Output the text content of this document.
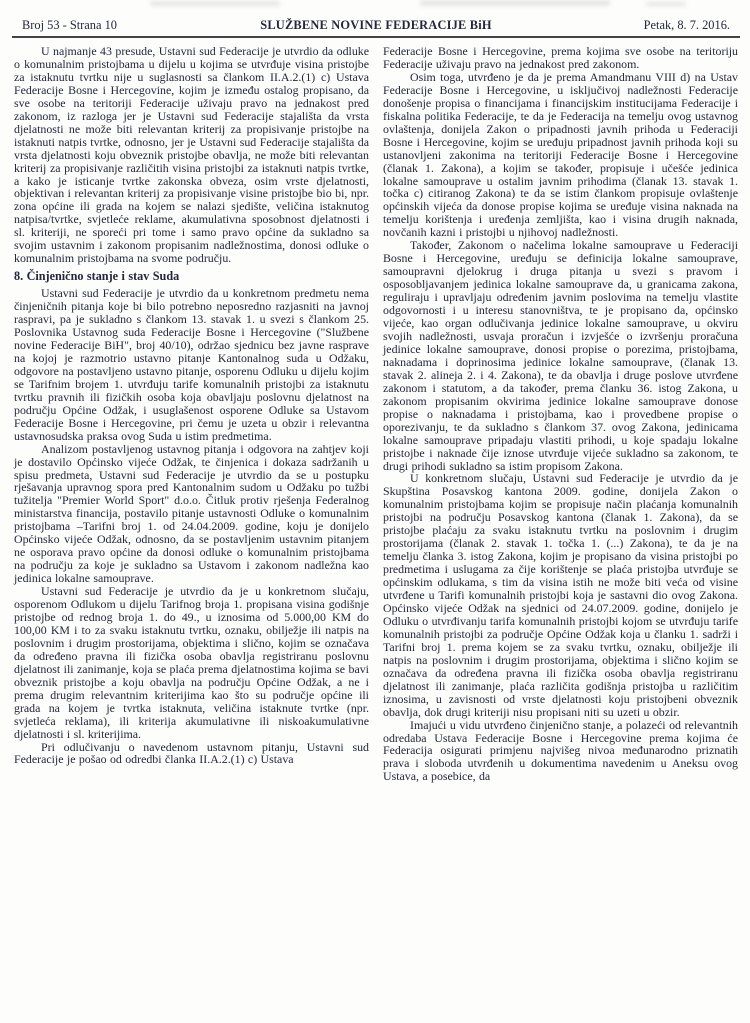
Broj 53 - Strana 10	SLUŽBENE NOVINE FEDERACIJE BiH	Petak, 8. 7. 2016.

U najmanje 43 presude, Ustavni sud Federacije je utvrdio da odluke o komunalnim pristojbama u dijelu u kojima se utvrđuje visina pristojbe za istaknutu tvrtku nije u suglasnosti sa člankom II.A.2.(1) c) Ustava Federacije Bosne i Hercegovine, kojim je između ostalog propisano, da sve osobe na teritoriji Federacije uživaju pravo na jednakost pred zakonom, iz razloga jer je Ustavni sud Federacije stajališta da vrsta djelatnosti ne može biti relevantan kriterij za propisivanje pristojbe na istaknuti natpis tvrtke, odnosno, jer je Ustavni sud Federacije stajališta da vrsta djelatnosti koju obveznik pristojbe obavlja, ne može biti relevantan kriterij za propisivanje različitih visina pristojbi za istaknuti natpis tvrtke, a kako je isticanje tvrtke zakonska obveza, osim vrste djelatnosti, objektivan i relevantan kriterij za propisivanje visine pristojbe bio bi, npr. zona općine ili grada na kojem se nalazi sjedište, veličina istaknutog natpisa/tvrtke, svjetleće reklame, akumulativna sposobnost djelatnosti i sl. kriteriji, ne sporeći pri tome i samo pravo općine da sukladno sa svojim ustavnim i zakonom propisanim nadležnostima, donosi odluke o komunalnim pristojbama na svome području.

8. Činjenično stanje i stav Suda

Ustavni sud Federacije je utvrdio da u konkretnom predmetu nema činjeničnih pitanja koje bi bilo potrebno neposredno razjasniti na javnoj raspravi, pa je sukladno s člankom 13. stavak 1. u svezi s člankom 25. Poslovnika Ustavnog suda Federacije Bosne i Hercegovine ("Službene novine Federacije BiH", broj 40/10), održao sjednicu bez javne rasprave na kojoj je razmotrio ustavno pitanje Kantonalnog suda u Odžaku, odgovore na postavljeno ustavno pitanje, osporenu Odluku u dijelu kojim se Tarifnim brojem 1. utvrđuju tarife komunalnih pristojbi za istaknutu tvrtku pravnih ili fizičkih osoba koja obavljaju poslovnu djelatnost na području Općine Odžak, i usuglašenost osporene Odluke sa Ustavom Federacije Bosne i Hercegovine, pri čemu je uzeta u obzir i relevantna ustavnosudska praksa ovog Suda u istim predmetima.

Analizom postavljenog ustavnog pitanja i odgovora na zahtjev koji je dostavilo Općinsko vijeće Odžak, te činjenica i dokaza sadržanih u spisu predmeta, Ustavni sud Federacije je utvrdio da se u postupku rješavanja upravnog spora pred Kantonalnim sudom u Odžaku po tužbi tužitelja "Premier World Sport" d.o.o. Čitluk protiv rješenja Federalnog ministarstva financija, postavilo pitanje ustavnosti Odluke o komunalnim pristojbama –Tarifni broj 1. od 24.04.2009. godine, koju je donijelo Općinsko vijeće Odžak, odnosno, da se postavljenim ustavnim pitanjem ne osporava pravo općine da donosi odluke o komunalnim pristojbama na području za koje je sukladno sa Ustavom i zakonom nadležna kao jedinica lokalne samouprave.

Ustavni sud Federacije je utvrdio da je u konkretnom slučaju, osporenom Odlukom u dijelu Tarifnog broja 1. propisana visina godišnje pristojbe od rednog broja 1. do 49., u iznosima od 5.000,00 KM do 100,00 KM i to za svaku istaknutu tvrtku, oznaku, obilježje ili natpis na poslovnim i drugim prostorijama, objektima i slično, kojim se označava da određeno pravna ili fizička osoba obavlja registriranu poslovnu djelatnost ili zanimanje, koja se plaća prema djelatnostima kojima se bavi obveznik pristojbe a koju obavlja na području Općine Odžak, a ne i prema drugim relevantnim kriterijima kao što su područje općine ili grada na kojem je tvrtka istaknuta, veličina istaknute tvrtke (npr. svjetleća reklama), ili kriterija akumulativne ili niskoakumulativne djelatnosti i sl. kriterijima.

Pri odlučivanju o navedenom ustavnom pitanju, Ustavni sud Federacije je pošao od odredbi članka II.A.2.(1) c) Ustava

Federacije Bosne i Hercegovine, prema kojima sve osobe na teritoriju Federacije uživaju pravo na jednakost pred zakonom.

Osim toga, utvrđeno je da je prema Amandmanu VIII d) na Ustav Federacije Bosne i Hercegovine, u isključivoj nadležnosti Federacije donošenje propisa o financijama i financijskim institucijama Federacije i fiskalna politika Federacije, te da je Federacija na temelju ovog ustavnog ovlaštenja, donijela Zakon o pripadnosti javnih prihoda u Federaciji Bosne i Hercegovine, kojim se uređuju pripadnost javnih prihoda koji su ustanovljeni zakonima na teritoriji Federacije Bosne i Hercegovine (članak 1. Zakona), a kojim se također, propisuje i učešće jedinica lokalne samouprave u ostalim javnim prihodima (članak 13. stavak 1. točka c) citiranog Zakona) te da se istim člankom propisuje ovlaštenje općinskih vijeća da donose propise kojima se uređuje visina naknada na temelju korištenja i uređenja zemljišta, kao i visina drugih naknada, novčanih kazni i pristojbi u njihovoj nadležnosti.

Također, Zakonom o načelima lokalne samouprave u Federaciji Bosne i Hercegovine, uređuju se definicija lokalne samouprave, samoupravni djelokrug i druga pitanja u svezi s pravom i osposobljavanjem jedinica lokalne samouprave da, u granicama zakona, reguliraju i upravljaju određenim javnim poslovima na temelju vlastite odgovornosti i u interesu stanovništva, te je propisano da, općinsko vijeće, kao organ odlučivanja jedinice lokalne samouprave, u okviru svojih nadležnosti, usvaja proračun i izvješće o izvršenju proračuna jedinice lokalne samouprave, donosi propise o porezima, pristojbama, naknadama i doprinosima jedinice lokalne samouprave, (članak 13. stavak 2. alineja 2. i 4. Zakona), te da obavlja i druge poslove utvrđene zakonom i statutom, a da također, prema članku 36. istog Zakona, u zakonom propisanim okvirima jedinice lokalne samouprave donose propise o naknadama i pristojbama, kao i provedbene propise o oporezivanju, te da sukladno s člankom 37. ovog Zakona, jedinicama lokalne samouprave pripadaju vlastiti prihodi, u koje spadaju lokalne pristojbe i naknade čije iznose utvrđuje vijeće sukladno sa zakonom, te drugi prihodi sukladno sa istim propisom Zakona.

U konkretnom slučaju, Ustavni sud Federacije je utvrdio da je Skupština Posavskog kantona 2009. godine, donijela Zakon o komunalnim pristojbama kojim se propisuje način plaćanja komunalnih pristojbi na području Posavskog kantona (članak 1. Zakona), da se pristojbe plaćaju za svaku istaknutu tvrtku na poslovnim i drugim prostorijama (članak 2. stavak 1. točka 1. (...) Zakona), te da je na temelju članka 3. istog Zakona, kojim je propisano da visina pristojbi po predmetima i uslugama za čije korištenje se plaća pristojba utvrđuje se općinskim odlukama, s tim da visina istih ne može biti veća od visine utvrđene u Tarifi komunalnih pristojbi koja je sastavni dio ovog Zakona. Općinsko vijeće Odžak na sjednici od 24.07.2009. godine, donijelo je Odluku o utvrđivanju tarifa komunalnih pristojbi kojom se utvrđuju tarife komunalnih pristojbi za područje Općine Odžak koja u članku 1. sadrži i Tarifni broj 1. prema kojem se za svaku tvrtku, oznaku, obilježje ili natpis na poslovnim i drugim prostorijama, objektima i slično kojim se označava da određena pravna ili fizička osoba obavlja registriranu djelatnost ili zanimanje, plaća različita godišnja pristojba u različitim iznosima, u zavisnosti od vrste djelatnosti koju pristojbeni obveznik obavlja, dok drugi kriteriji nisu propisani niti su uzeti u obzir.

Imajući u vidu utvrđeno činjenično stanje, a polazeći od relevantnih odredaba Ustava Federacije Bosne i Hercegovine prema kojima će Federacija osigurati primjenu najvišeg nivoa međunarodno priznatih prava i sloboda utvrđenih u dokumentima navedenim u Aneksu ovog Ustava, a posebice, da
